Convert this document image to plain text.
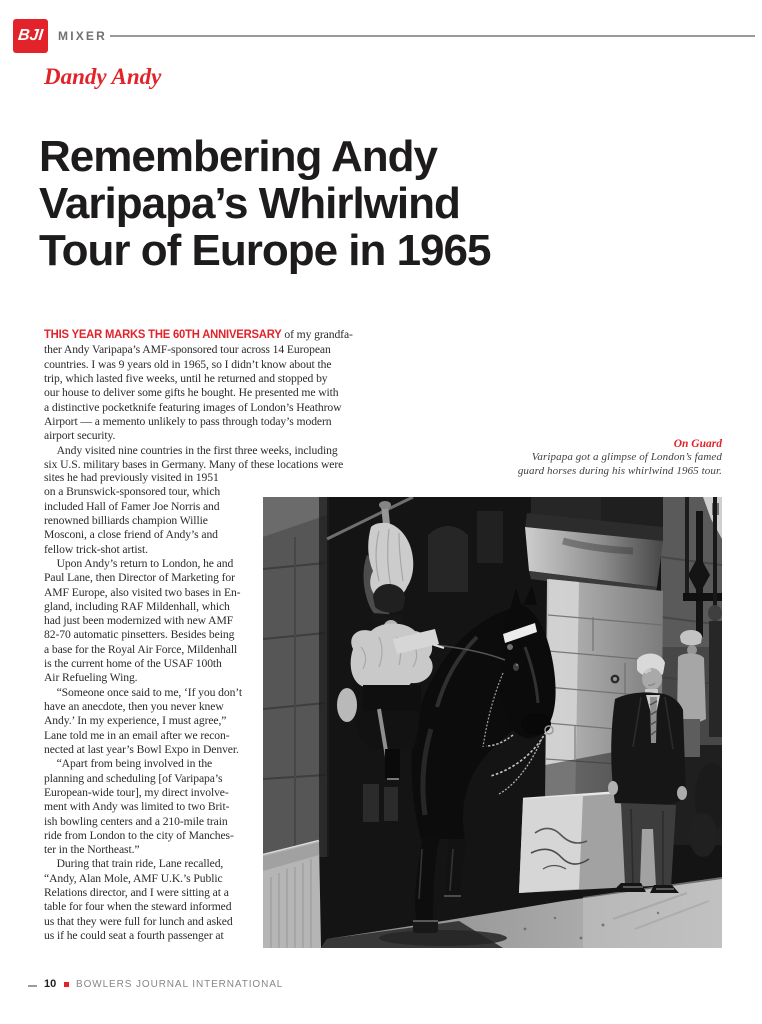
BJI MIXER
Dandy Andy
Remembering Andy
Varipapa’s Whirlwind
Tour of Europe in 1965
THIS YEAR MARKS THE 60TH ANNIVERSARY of my grandfa-
ther Andy Varipapa’s AMF-sponsored tour across 14 European
countries. I was 9 years old in 1965, so I didn’t know about the
trip, which lasted five weeks, until he returned and stopped by
our house to deliver some gifts he bought. He presented me with
a distinctive pocketknife featuring images of London’s Heathrow
Airport — a memento unlikely to pass through today’s modern
airport security.
Andy visited nine countries in the first three weeks, including
six U.S. military bases in Germany. Many of these locations were
sites he had previously visited in 1951
on a Brunswick-sponsored tour, which
included Hall of Famer Joe Norris and
renowned billiards champion Willie
Mosconi, a close friend of Andy’s and
fellow trick-shot artist.
Upon Andy’s return to London, he and
Paul Lane, then Director of Marketing for
AMF Europe, also visited two bases in En-
gland, including RAF Mildenhall, which
had just been modernized with new AMF
82-70 automatic pinsetters. Besides being
a base for the Royal Air Force, Mildenhall
is the current home of the USAF 100th
Air Refueling Wing.
“Someone once said to me, ‘If you don’t
have an anecdote, then you never knew
Andy.’ In my experience, I must agree,”
Lane told me in an email after we recon-
nected at last year’s Bowl Expo in Denver.
“Apart from being involved in the
planning and scheduling [of Varipapa’s
European-wide tour], my direct involve-
ment with Andy was limited to two Brit-
ish bowling centers and a 210-mile train
ride from London to the city of Manches-
ter in the Northeast.”
During that train ride, Lane recalled,
“Andy, Alan Mole, AMF U.K.’s Public
Relations director, and I were sitting at a
table for four when the steward informed
us that they were full for lunch and asked
us if he could seat a fourth passenger at
On Guard
Varipapa got a glimpse of London’s famed
guard horses during his whirlwind 1965 tour.
10 BOWLERS JOURNAL INTERNATIONAL
